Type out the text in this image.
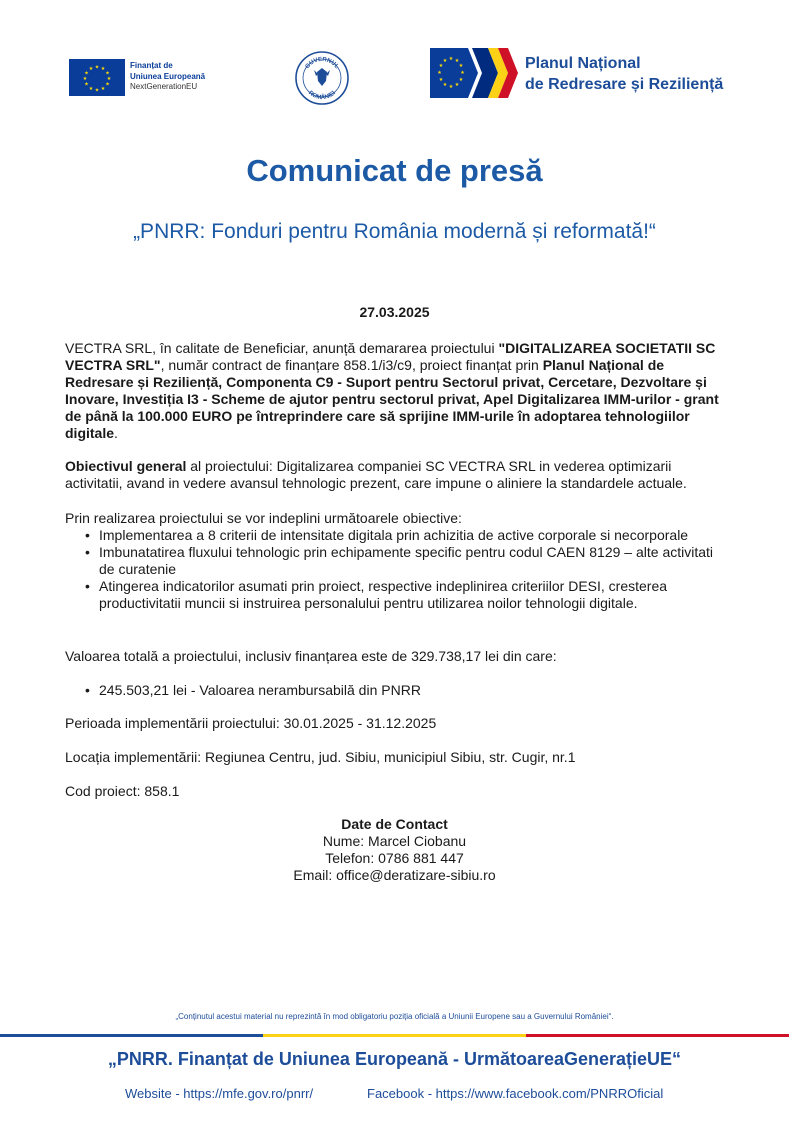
★ ★
★
★
★
★
★
★
★
★
★
★	Finanțat de
Uniunea Europeană
NextGenerationEU
GUVERNUL
ROMÂNIEI
★ ★
★
★
★
★
★
★
★
★
★
★	Planul Național
de Redresare și Reziliență
Comunicat de presă
„PNRR: Fonduri pentru România modernă și reformată!“
27.03.2025

VECTRA SRL, în calitate de Beneficiar, anunță demararea proiectului "DIGITALIZAREA SOCIETATII SC VECTRA SRL", număr contract de finanțare 858.1/i3/c9, proiect finanțat prin Planul Național de Redresare și Reziliență, Componenta C9 - Suport pentru Sectorul privat, Cercetare, Dezvoltare și Inovare, Investiția I3 - Scheme de ajutor pentru sectorul privat, Apel Digitalizarea IMM-urilor - grant de până la 100.000 EURO pe întreprindere care să sprijine IMM-urile în adoptarea tehnologiilor digitale.

Obiectivul general al proiectului: Digitalizarea companiei SC VECTRA SRL in vederea optimizarii activitatii, avand in vedere avansul tehnologic prezent, care impune o aliniere la standardele actuale.

Prin realizarea proiectului se vor indeplini următoarele obiective:

• Implementarea a 8 criterii de intensitate digitala prin achizitia de active corporale si necorporale
• Imbunatatirea fluxului tehnologic prin echipamente specific pentru codul CAEN 8129 – alte activitati de curatenie
• Atingerea indicatorilor asumati prin proiect, respective indeplinirea criteriilor DESI, cresterea productivitatii muncii si instruirea personalului pentru utilizarea noilor tehnologii digitale.
Valoarea totală a proiectului, inclusiv finanțarea este de 329.738,17 lei din care:
• 245.503,21 lei - Valoarea nerambursabilă din PNRR
Perioada implementării proiectului: 30.01.2025 - 31.12.2025
Locația implementării: Regiunea Centru, jud. Sibiu, municipiul Sibiu, str. Cugir, nr.1
Cod proiect: 858.1
Date de Contact
Nume: Marcel Ciobanu
Telefon: 0786 881 447
Email: office@deratizare-sibiu.ro
„Conținutul acestui material nu reprezintă în mod obligatoriu poziția oficială a Uniunii Europene sau a Guvernului României“.
„PNRR. Finanțat de Uniunea Europeană - UrmătoareaGenerațieUE“
Website - https://mfe.gov.ro/pnrr/	Facebook - https://www.facebook.com/PNRROficial
